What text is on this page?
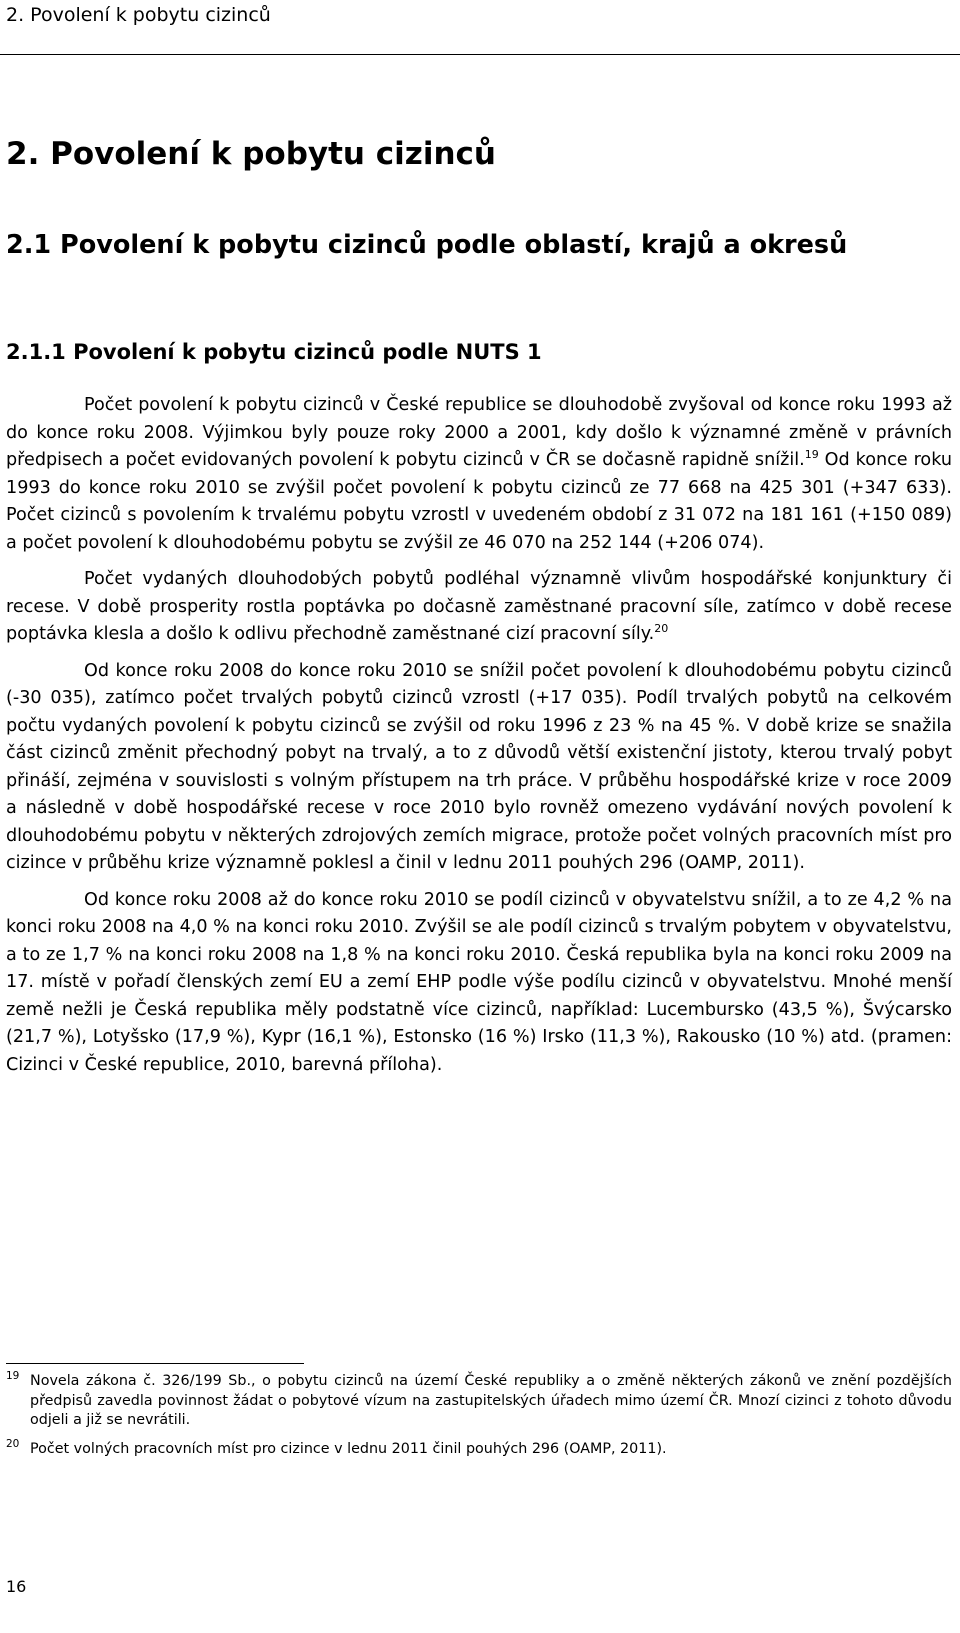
2. Povolení k pobytu cizinců
2. Povolení k pobytu cizinců
2.1 Povolení k pobytu cizinců podle oblastí, krajů a okresů
2.1.1 Povolení k pobytu cizinců podle NUTS 1

Počet povolení k pobytu cizinců v České republice se dlouhodobě zvyšoval od konce roku 1993 až do konce roku 2008. Výjimkou byly pouze roky 2000 a 2001, kdy došlo k významné změně v právních předpisech a počet evidovaných povolení k pobytu cizinců v ČR se dočasně rapidně snížil.$^{19}$ Od konce roku 1993 do konce roku 2010 se zvýšil počet povolení k pobytu cizinců ze 77 668 na 425 301 (+347 633). Počet cizinců s povolením k trvalému pobytu vzrostl v uvedeném období z 31 072 na 181 161 (+150 089) a počet povolení k dlouhodobému pobytu se zvýšil ze 46 070 na 252 144 (+206 074).

Počet vydaných dlouhodobých pobytů podléhal významně vlivům hospodářské konjunktury či recese. V době prosperity rostla poptávka po dočasně zaměstnané pracovní síle, zatímco v době recese poptávka klesla a došlo k odlivu přechodně zaměstnané cizí pracovní síly.$^{20}$

Od konce roku 2008 do konce roku 2010 se snížil počet povolení k dlouhodobému pobytu cizinců (-30 035), zatímco počet trvalých pobytů cizinců vzrostl (+17 035). Podíl trvalých pobytů na celkovém počtu vydaných povolení k pobytu cizinců se zvýšil od roku 1996 z 23 % na 45 %. V době krize se snažila část cizinců změnit přechodný pobyt na trvalý, a to z důvodů větší existenční jistoty, kterou trvalý pobyt přináší, zejména v souvislosti s volným přístupem na trh práce. V průběhu hospodářské krize v roce 2009 a následně v době hospodářské recese v roce 2010 bylo rovněž omezeno vydávání nových povolení k dlouhodobému pobytu v některých zdrojových zemích migrace, protože počet volných pracovních míst pro cizince v průběhu krize významně poklesl a činil v lednu 2011 pouhých 296 (OAMP, 2011).

Od konce roku 2008 až do konce roku 2010 se podíl cizinců v obyvatelstvu snížil, a to ze 4,2 % na konci roku 2008 na 4,0 % na konci roku 2010. Zvýšil se ale podíl cizinců s trvalým pobytem v obyvatelstvu, a to ze 1,7 % na konci roku 2008 na 1,8 % na konci roku 2010. Česká republika byla na konci roku 2009 na 17. místě v pořadí členských zemí EU a zemí EHP podle výše podílu cizinců v obyvatelstvu. Mnohé menší země nežli je Česká republika měly podstatně více cizinců, například: Lucembursko (43,5 %), Švýcarsko (21,7 %), Lotyšsko (17,9 %), Kypr (16,1 %), Estonsko (16 %) Irsko (11,3 %), Rakousko (10 %) atd. (pramen: Cizinci v České republice, 2010, barevná příloha).

19 Novela zákona č. 326/199 Sb., o pobytu cizinců na území České republiky a o změně některých zákonů ve znění pozdějších předpisů zavedla povinnost žádat o pobytové vízum na zastupitelských úřadech mimo území ČR. Mnozí cizinci z tohoto důvodu odjeli a již se nevrátili.
20 Počet volných pracovních míst pro cizince v lednu 2011 činil pouhých 296 (OAMP, 2011).
16
